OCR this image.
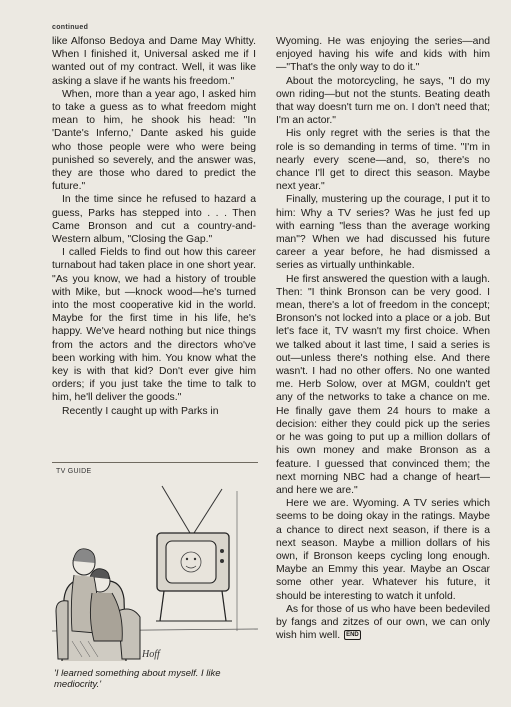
continued

like Alfonso Bedoya and Dame May Whitty. When I finished it, Universal asked me if I wanted out of my contract. Well, it was like asking a slave if he wants his freedom."

When, more than a year ago, I asked him to take a guess as to what freedom might mean to him, he shook his head: "In 'Dante's Inferno,' Dante asked his guide who those people were who were being punished so severely, and the answer was, they are those who dared to predict the future."

In the time since he refused to hazard a guess, Parks has stepped into . . . Then Came Bronson and cut a country-and-Western album, "Closing the Gap."

I called Fields to find out how this career turnabout had taken place in one short year. "As you know, we had a history of trouble with Mike, but —knock wood—he's turned into the most cooperative kid in the world. Maybe for the first time in his life, he's happy. We've heard nothing but nice things from the actors and the directors who've been working with him. You know what the key is with that kid? Don't ever give him orders; if you just take the time to talk to him, he'll deliver the goods."

Recently I caught up with Parks in

Wyoming. He was enjoying the series—and enjoyed having his wife and kids with him—"That's the only way to do it."

About the motorcycling, he says, "I do my own riding—but not the stunts. Beating death that way doesn't turn me on. I don't need that; I'm an actor."

His only regret with the series is that the role is so demanding in terms of time. "I'm in nearly every scene—and, so, there's no chance I'll get to direct this season. Maybe next year."

Finally, mustering up the courage, I put it to him: Why a TV series? Was he just fed up with earning "less than the average working man"? When we had discussed his future career a year before, he had dismissed a series as virtually unthinkable.

He first answered the question with a laugh. Then: "I think Bronson can be very good. I mean, there's a lot of freedom in the concept; Bronson's not locked into a place or a job. But let's face it, TV wasn't my first choice. When we talked about it last time, I said a series is out—unless there's nothing else. And there wasn't. I had no other offers. No one wanted me. Herb Solow, over at MGM, couldn't get any of the networks to take a chance on me. He finally gave them 24 hours to make a decision: either they could pick up the series or he was going to put up a million dollars of his own money and make Bronson as a feature. I guessed that convinced them; the next morning NBC had a change of heart—and here we are."

Here we are. Wyoming. A TV series which seems to be doing okay in the ratings. Maybe a chance to direct next season, if there is a next season. Maybe a million dollars of his own, if Bronson keeps cycling long enough. Maybe an Emmy this year. Maybe an Oscar some other year. Whatever his future, it should be interesting to watch it unfold.

As for those of us who have been bedeviled by fangs and zitzes of our own, we can only wish him well. END

TV GUIDE
Hoff
'I learned something about myself. I like mediocrity.'
